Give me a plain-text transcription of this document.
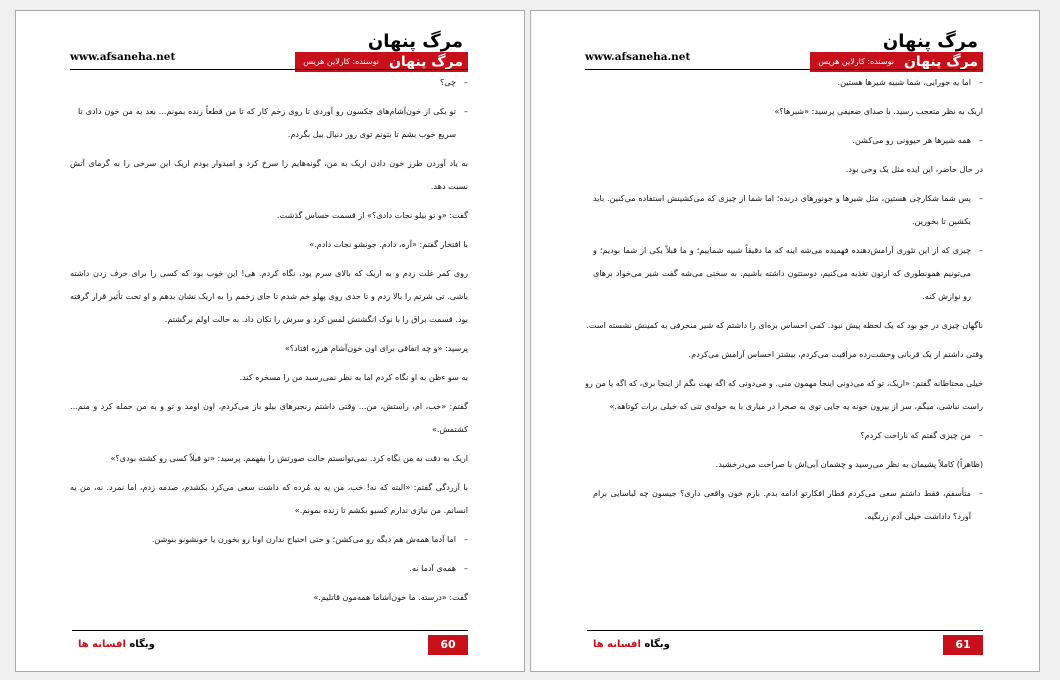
مرگ پنهان
مرگ پنهان
نوسنده: کارلاین هریس
www.afsaneha.net
– چی؟
– تو یکی از خون‌آشام‌های جکسون رو آوردی تا روی زخم کار که تا من قطعاً زنده بمونم... بعد به من خون دادی تا سریع خوب بشم تا بتونم توی روز دنبال بیل بگردم.
به یاد آوردن طرز خون دادن اریک به من، گونه‌هایم را سرخ کرد و امیدوار بودم اریک این سرخی را به گرمای آتش نسبت دهد.
گفت: «و تو بیلو نجات دادی؟» از قسمت حساس گذشت.
با افتخار گفتم: «آره، دادم. جونشو نجات دادم.»
روی کمر غلت زدم و به اریک که بالای سرم بود، نگاه کردم. هی! این خوب بود که کسی را برای حرف زدن داشته باشی. تی شرتم را بالا زدم و تا حدی روی پهلو خم شدم تا جای زخمم را به اریک نشان بدهم و او تحت تأثیر قرار گرفته بود. قسمت براق را با نوک انگشتش لمس کرد و سرش را تکان داد. به حالت اولم برگشتم.
پرسید: «و چه اتفاقی برای اون خون‌آشام هرزه افتاد؟»
به سو ءظن به او نگاه کردم اما به نظر نمی‌رسید من را مسخره کند.
گفتم: «خب، ام، راستش، من... وقتی داشتم زنجیرهای بیلو باز می‌کردم، اون اومد و تو و به من حمله کرد و منم... کشتمش.»
اریک به دقت به من نگاه کرد. نمی‌توانستم حالت صورتش را بفهمم. پرسید: «تو قبلاً کسی رو کشته بودی؟»
با آزردگی گفتم: «البته که نه! خب، من یه یه مُرده که داشت سعی می‌کرد بکشدم، صدمه زدم، اما نمرد. نه، من یه انسانم. من نیازی ندارم کسیو بکشم تا زنده بمونم.»
– اما آدما همه‌ش هم دیگه رو می‌کشن؛ و حتی احتیاج ندارن اونا رو بخورن یا خونشونو بنوشن.
– همه‌ی آدما نه.
گفت: «درسته. ما خون‌آشاما همه‌مون قاتلیم.»
60
وبگاه افسانه ها
مرگ پنهان
مرگ پنهان
نوسنده: کارلاین هریس
www.afsaneha.net
– اما یه جورایی، شما شبیه شیرها هستین.
اریک به نظر متعجب رسید. با صدای ضعیفی پرسید: «شیرها؟»
– همه شیرها هر حیوونی رو می‌کشن.
در حال حاضر، این ایده مثل یک وحی بود.
– پس شما شکارچی هستین، مثل شیرها و جونورهای درنده؛ اما شما از چیزی که می‌کشینش استفاده می‌کنین. باید بکشین تا بخورین.
– چیزی که از این تئوری آرامش‌دهنده فهمیده می‌شه اینه که ما دقیقاً شبیه شماییم؛ و ما قبلاً یکی از شما بودیم؛ و می‌تونیم همونطوری که ازتون تغذیه می‌کنیم، دوستتون داشته باشیم. به سختی می‌شه گفت شیر می‌خواد برهای رو نوازش کنه.
ناگهان چیزی در جو بود که یک لحظه پیش نبود. کمی احساس بره‌ای را داشتم که شیر منحرفی به کمینش نشسته است.
وقتی داشتم از یک قربانی وحشت‌زده مراقبت می‌کردم، بیشتر احساس آرامش می‌کردم.
خیلی محتاطانه گفتم: «اریک، تو که می‌دونی اینجا مهمون منی. و می‌دونی که اگه بهت بگم از اینجا بری، که اگه یا من رو راست نباشی، میگم، سر از بیرون خونه یه جایی توی یه صحرا در میاری با یه حوله‌ی تنی که خیلی برات کوتاهه.»
– من چیزی گفتم که ناراحت کردم؟
(ظاهراً) کاملاً پشیمان به نظر می‌رسید و چشمان آبی‌اش با صراحت می‌درخشید.
– متأسفم، فقط داشتم سعی می‌کردم قطار افکارتو ادامه بدم. بازم خون واقعی داری؟ جیسون چه لباسایی برام آورد؟ داداشت خیلی آدم زرنگیه.
61
وبگاه افسانه ها
